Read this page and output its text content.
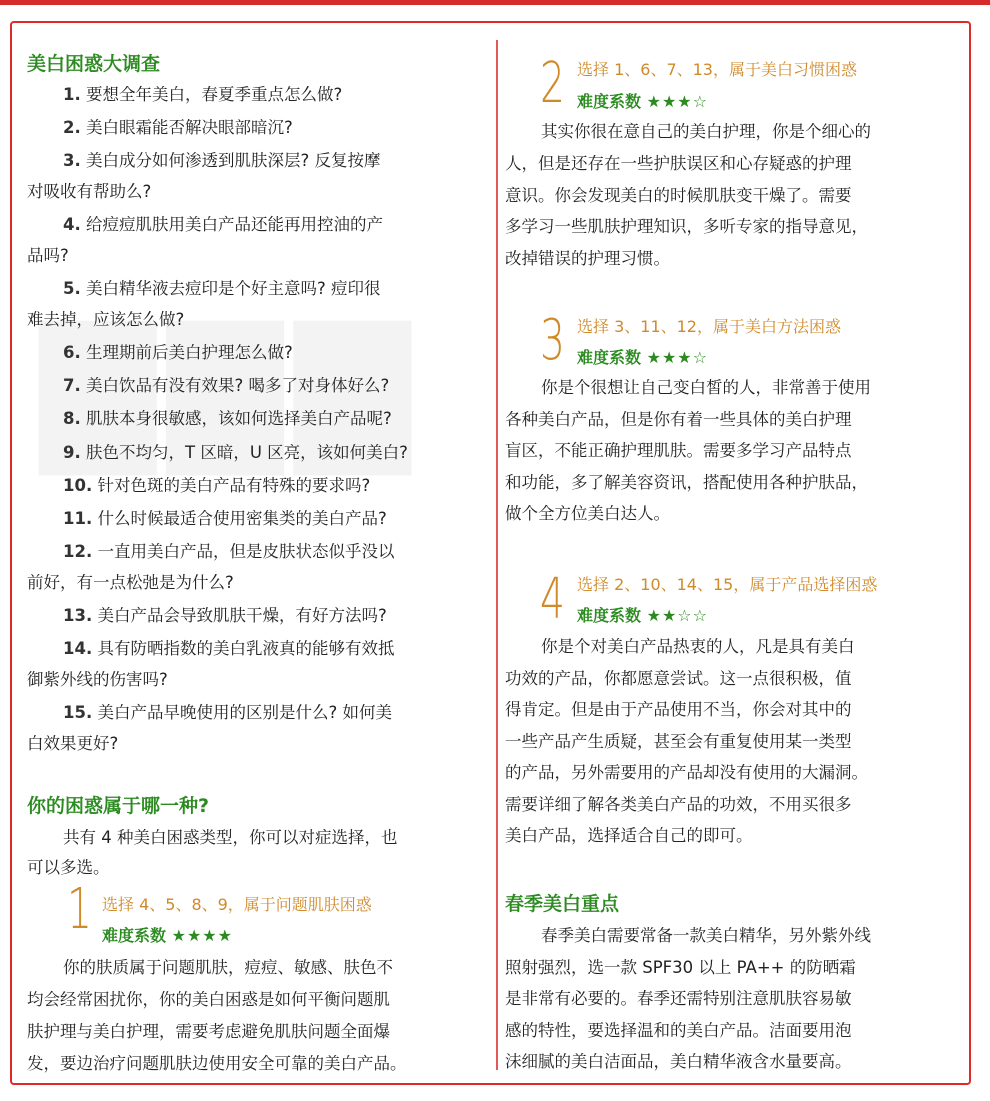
美白困惑大调查
1. 要想全年美白，春夏季重点怎么做?
2. 美白眼霜能否解决眼部暗沉?
3. 美白成分如何渗透到肌肤深层? 反复按摩
对吸收有帮助么?
4. 给痘痘肌肤用美白产品还能再用控油的产
品吗?
5. 美白精华液去痘印是个好主意吗? 痘印很
难去掉，应该怎么做?
6. 生理期前后美白护理怎么做?
7. 美白饮品有没有效果? 喝多了对身体好么?
8. 肌肤本身很敏感，该如何选择美白产品呢?
9. 肤色不均匀，T 区暗，U 区亮，该如何美白?
10. 针对色斑的美白产品有特殊的要求吗?
11. 什么时候最适合使用密集类的美白产品?
12. 一直用美白产品，但是皮肤状态似乎没以
前好，有一点松弛是为什么?
13. 美白产品会导致肌肤干燥，有好方法吗?
14. 具有防晒指数的美白乳液真的能够有效抵
御紫外线的伤害吗?
15. 美白产品早晚使用的区别是什么? 如何美
白效果更好?
你的困惑属于哪一种?
共有 4 种美白困惑类型，你可以对症选择，也
可以多选。
1 选择 4、5、8、9，属于问题肌肤困惑
难度系数 ★★★★
你的肤质属于问题肌肤，痘痘、敏感、肤色不
均会经常困扰你，你的美白困惑是如何平衡问题肌
肤护理与美白护理，需要考虑避免肌肤问题全面爆
发，要边治疗问题肌肤边使用安全可靠的美白产品。
2 选择 1、6、7、13，属于美白习惯困惑
难度系数 ★★★☆
其实你很在意自己的美白护理，你是个细心的
人，但是还存在一些护肤误区和心存疑惑的护理
意识。你会发现美白的时候肌肤变干燥了。需要
多学习一些肌肤护理知识，多听专家的指导意见，
改掉错误的护理习惯。
3 选择 3、11、12，属于美白方法困惑
难度系数 ★★★☆
你是个很想让自己变白皙的人，非常善于使用
各种美白产品，但是你有着一些具体的美白护理
盲区，不能正确护理肌肤。需要多学习产品特点
和功能，多了解美容资讯，搭配使用各种护肤品，
做个全方位美白达人。
4 选择 2、10、14、15，属于产品选择困惑
难度系数 ★★☆☆
你是个对美白产品热衷的人，凡是具有美白
功效的产品，你都愿意尝试。这一点很积极，值
得肯定。但是由于产品使用不当，你会对其中的
一些产品产生质疑，甚至会有重复使用某一类型
的产品，另外需要用的产品却没有使用的大漏洞。
需要详细了解各类美白产品的功效，不用买很多
美白产品，选择适合自己的即可。
春季美白重点
春季美白需要常备一款美白精华，另外紫外线
照射强烈，选一款 SPF30 以上 PA++ 的防晒霜
是非常有必要的。春季还需特别注意肌肤容易敏
感的特性，要选择温和的美白产品。洁面要用泡
沫细腻的美白洁面品，美白精华液含水量要高。
